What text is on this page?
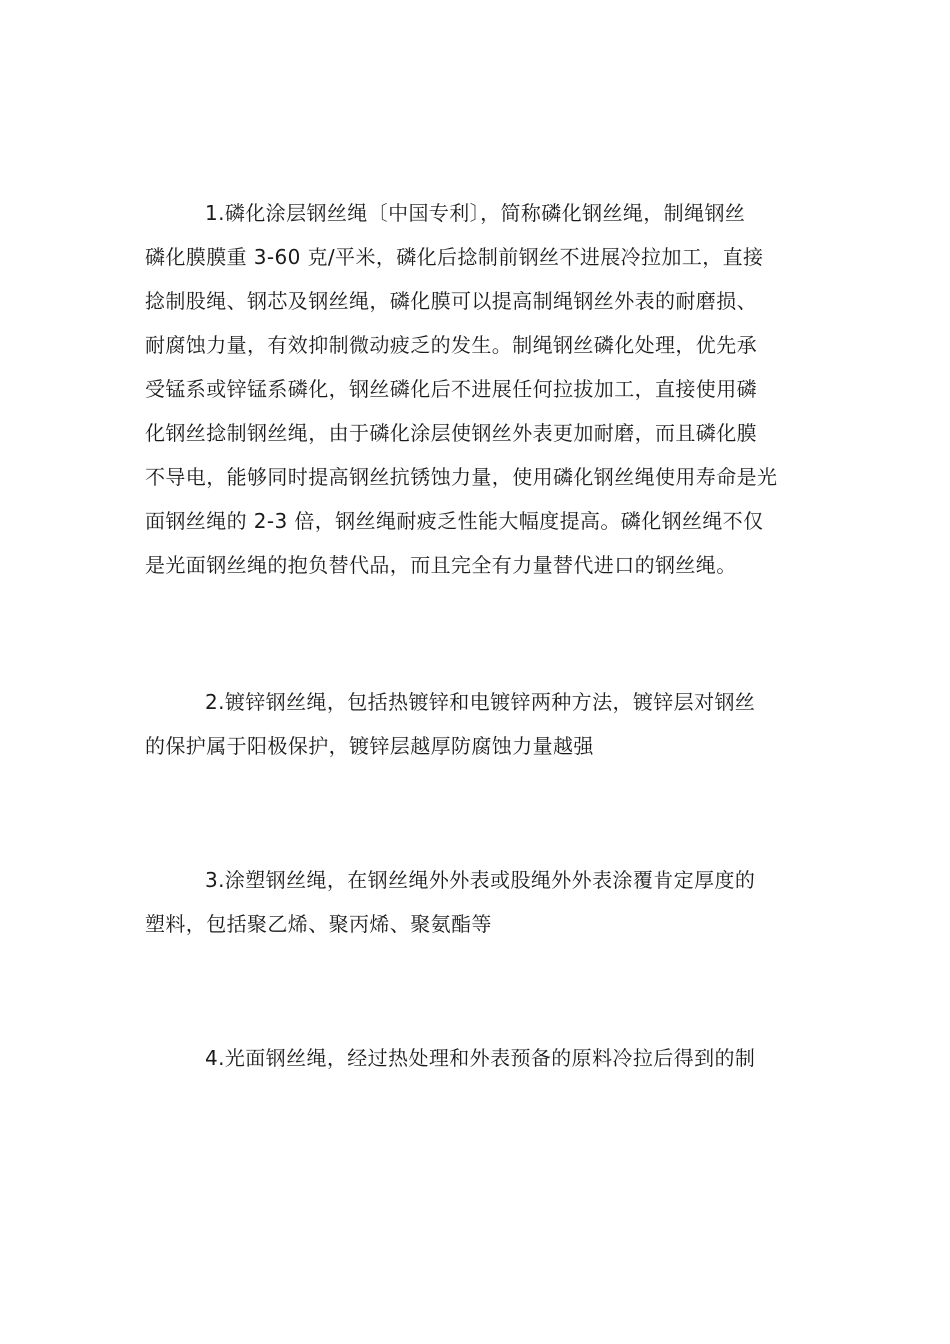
1.磷化涂层钢丝绳〔中国专利〕，简称磷化钢丝绳，制绳钢丝
磷化膜膜重 3-60 克/平米，磷化后捻制前钢丝不进展冷拉加工，直接
捻制股绳、钢芯及钢丝绳，磷化膜可以提高制绳钢丝外表的耐磨损、
耐腐蚀力量，有效抑制微动疲乏的发生。制绳钢丝磷化处理，优先承
受锰系或锌锰系磷化，钢丝磷化后不进展任何拉拔加工，直接使用磷
化钢丝捻制钢丝绳，由于磷化涂层使钢丝外表更加耐磨，而且磷化膜
不导电，能够同时提高钢丝抗锈蚀力量，使用磷化钢丝绳使用寿命是光
面钢丝绳的 2-3 倍，钢丝绳耐疲乏性能大幅度提高。磷化钢丝绳不仅
是光面钢丝绳的抱负替代品，而且完全有力量替代进口的钢丝绳。
2.镀锌钢丝绳，包括热镀锌和电镀锌两种方法，镀锌层对钢丝
的保护属于阳极保护，镀锌层越厚防腐蚀力量越强
3.涂塑钢丝绳，在钢丝绳外外表或股绳外外表涂覆肯定厚度的
塑料，包括聚乙烯、聚丙烯、聚氨酯等
4.光面钢丝绳，经过热处理和外表预备的原料冷拉后得到的制
